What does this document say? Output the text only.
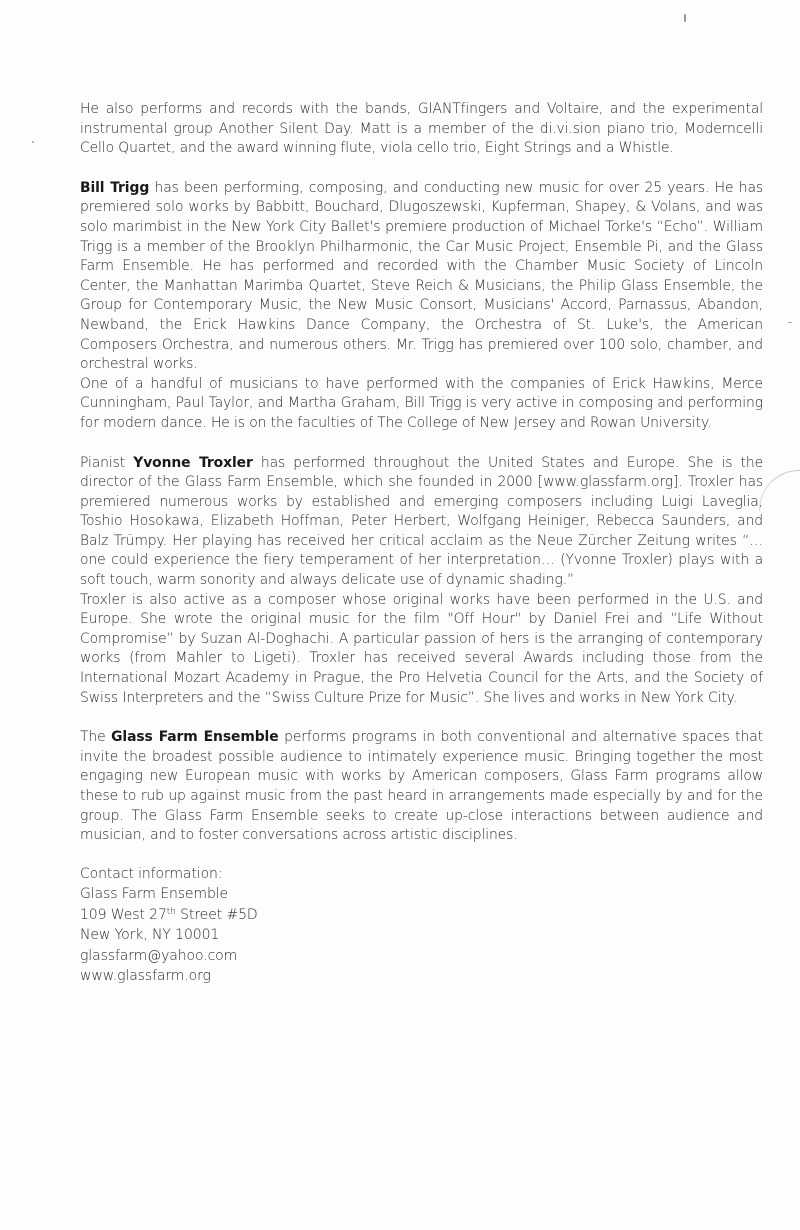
He also performs and records with the bands, GIANTfingers and Voltaire, and the experimental instrumental group Another Silent Day. Matt is a member of the di.vi.sion piano trio, Moderncelli Cello Quartet, and the award winning flute, viola cello trio, Eight Strings and a Whistle.

Bill Trigg has been performing, composing, and conducting new music for over 25 years. He has premiered solo works by Babbitt, Bouchard, Dlugoszewski, Kupferman, Shapey, & Volans, and was solo marimbist in the New York City Ballet's premiere production of Michael Torke's “Echo”. William Trigg is a member of the Brooklyn Philharmonic, the Car Music Project, Ensemble Pi, and the Glass Farm Ensemble. He has performed and recorded with the Chamber Music Society of Lincoln Center, the Manhattan Marimba Quartet, Steve Reich & Musicians, the Philip Glass Ensemble, the Group for Contemporary Music, the New Music Consort, Musicians' Accord, Parnassus, Abandon, Newband, the Erick Hawkins Dance Company, the Orchestra of St. Luke's, the American Composers Orchestra, and numerous others. Mr. Trigg has premiered over 100 solo, chamber, and orchestral works.

One of a handful of musicians to have performed with the companies of Erick Hawkins, Merce Cunningham, Paul Taylor, and Martha Graham, Bill Trigg is very active in composing and performing for modern dance. He is on the faculties of The College of New Jersey and Rowan University.

Pianist Yvonne Troxler has performed throughout the United States and Europe. She is the director of the Glass Farm Ensemble, which she founded in 2000 [www.glassfarm.org]. Troxler has premiered numerous works by established and emerging composers including Luigi Laveglia, Toshio Hosokawa, Elizabeth Hoffman, Peter Herbert, Wolfgang Heiniger, Rebecca Saunders, and Balz Trümpy. Her playing has received her critical acclaim as the Neue Zürcher Zeitung writes “…one could experience the fiery temperament of her interpretation… (Yvonne Troxler) plays with a soft touch, warm sonority and always delicate use of dynamic shading.”

Troxler is also active as a composer whose original works have been performed in the U.S. and Europe. She wrote the original music for the film "Off Hour" by Daniel Frei and “Life Without Compromise” by Suzan Al-Doghachi. A particular passion of hers is the arranging of contemporary works (from Mahler to Ligeti). Troxler has received several Awards including those from the International Mozart Academy in Prague, the Pro Helvetia Council for the Arts, and the Society of Swiss Interpreters and the “Swiss Culture Prize for Music”. She lives and works in New York City.

The Glass Farm Ensemble performs programs in both conventional and alternative spaces that invite the broadest possible audience to intimately experience music. Bringing together the most engaging new European music with works by American composers, Glass Farm programs allow these to rub up against music from the past heard in arrangements made especially by and for the group. The Glass Farm Ensemble seeks to create up-close interactions between audience and musician, and to foster conversations across artistic disciplines.

Contact information:
Glass Farm Ensemble
109 West 27th Street #5D
New York, NY 10001
glassfarm@yahoo.com
www.glassfarm.org
